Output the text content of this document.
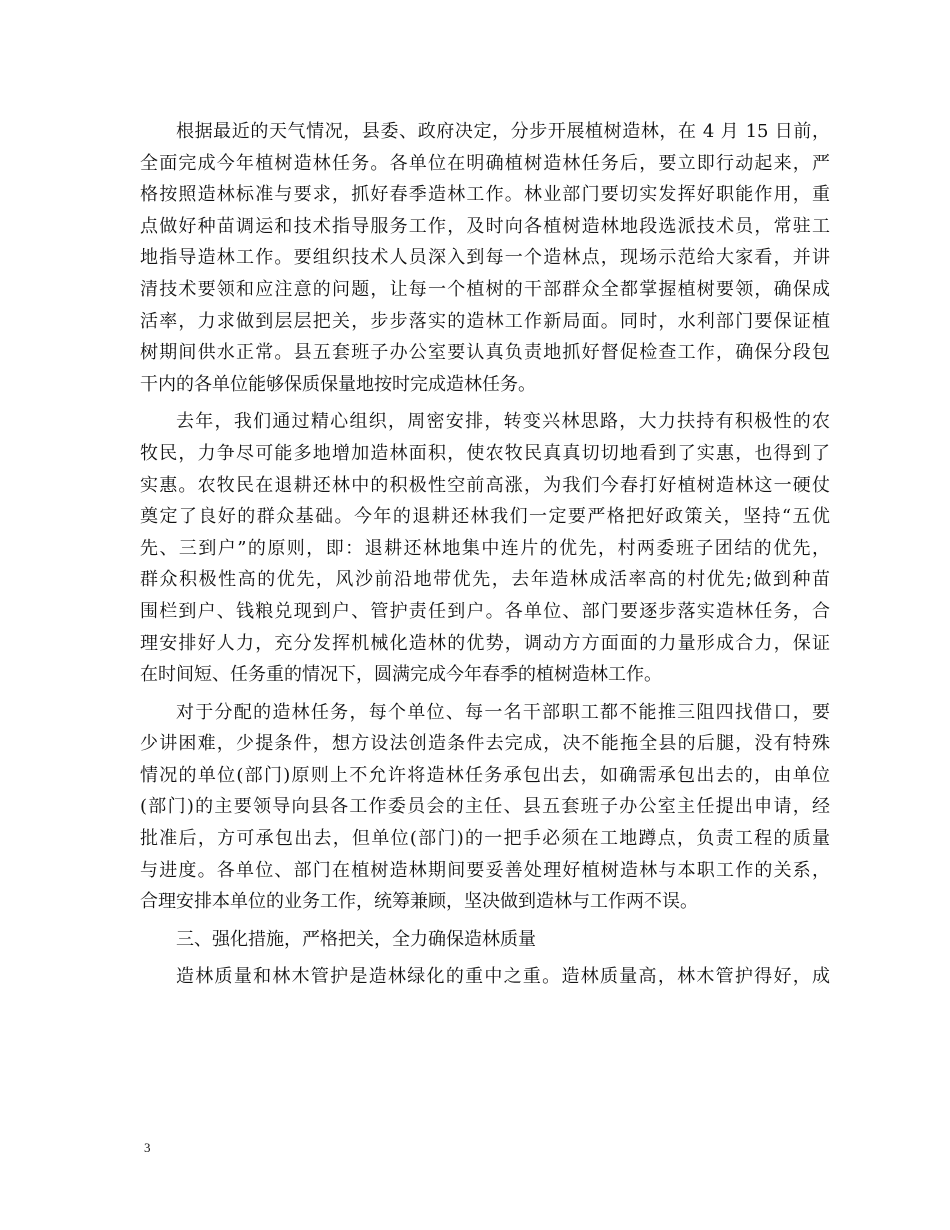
根据最近的天气情况，县委、政府决定，分步开展植树造林，在 4 月 15 日前，
全面完成今年植树造林任务。各单位在明确植树造林任务后，要立即行动起来，严
格按照造林标准与要求，抓好春季造林工作。林业部门要切实发挥好职能作用，重
点做好种苗调运和技术指导服务工作，及时向各植树造林地段选派技术员，常驻工
地指导造林工作。要组织技术人员深入到每一个造林点，现场示范给大家看，并讲
清技术要领和应注意的问题，让每一个植树的干部群众全都掌握植树要领，确保成
活率，力求做到层层把关，步步落实的造林工作新局面。同时，水利部门要保证植
树期间供水正常。县五套班子办公室要认真负责地抓好督促检查工作，确保分段包
干内的各单位能够保质保量地按时完成造林任务。
去年，我们通过精心组织，周密安排，转变兴林思路，大力扶持有积极性的农
牧民，力争尽可能多地增加造林面积，使农牧民真真切切地看到了实惠，也得到了
实惠。农牧民在退耕还林中的积极性空前高涨，为我们今春打好植树造林这一硬仗
奠定了良好的群众基础。今年的退耕还林我们一定要严格把好政策关，坚持“五优
先、三到户”的原则，即：退耕还林地集中连片的优先，村两委班子团结的优先，
群众积极性高的优先，风沙前沿地带优先，去年造林成活率高的村优先;做到种苗
围栏到户、钱粮兑现到户、管护责任到户。各单位、部门要逐步落实造林任务，合
理安排好人力，充分发挥机械化造林的优势，调动方方面面的力量形成合力，保证
在时间短、任务重的情况下，圆满完成今年春季的植树造林工作。
对于分配的造林任务，每个单位、每一名干部职工都不能推三阻四找借口，要
少讲困难，少提条件，想方设法创造条件去完成，决不能拖全县的后腿，没有特殊
情况的单位(部门)原则上不允许将造林任务承包出去，如确需承包出去的，由单位
(部门)的主要领导向县各工作委员会的主任、县五套班子办公室主任提出申请，经
批准后，方可承包出去，但单位(部门)的一把手必须在工地蹲点，负责工程的质量
与进度。各单位、部门在植树造林期间要妥善处理好植树造林与本职工作的关系，
合理安排本单位的业务工作，统筹兼顾，坚决做到造林与工作两不误。
三、强化措施，严格把关，全力确保造林质量
造林质量和林木管护是造林绿化的重中之重。造林质量高，林木管护得好，成
3
